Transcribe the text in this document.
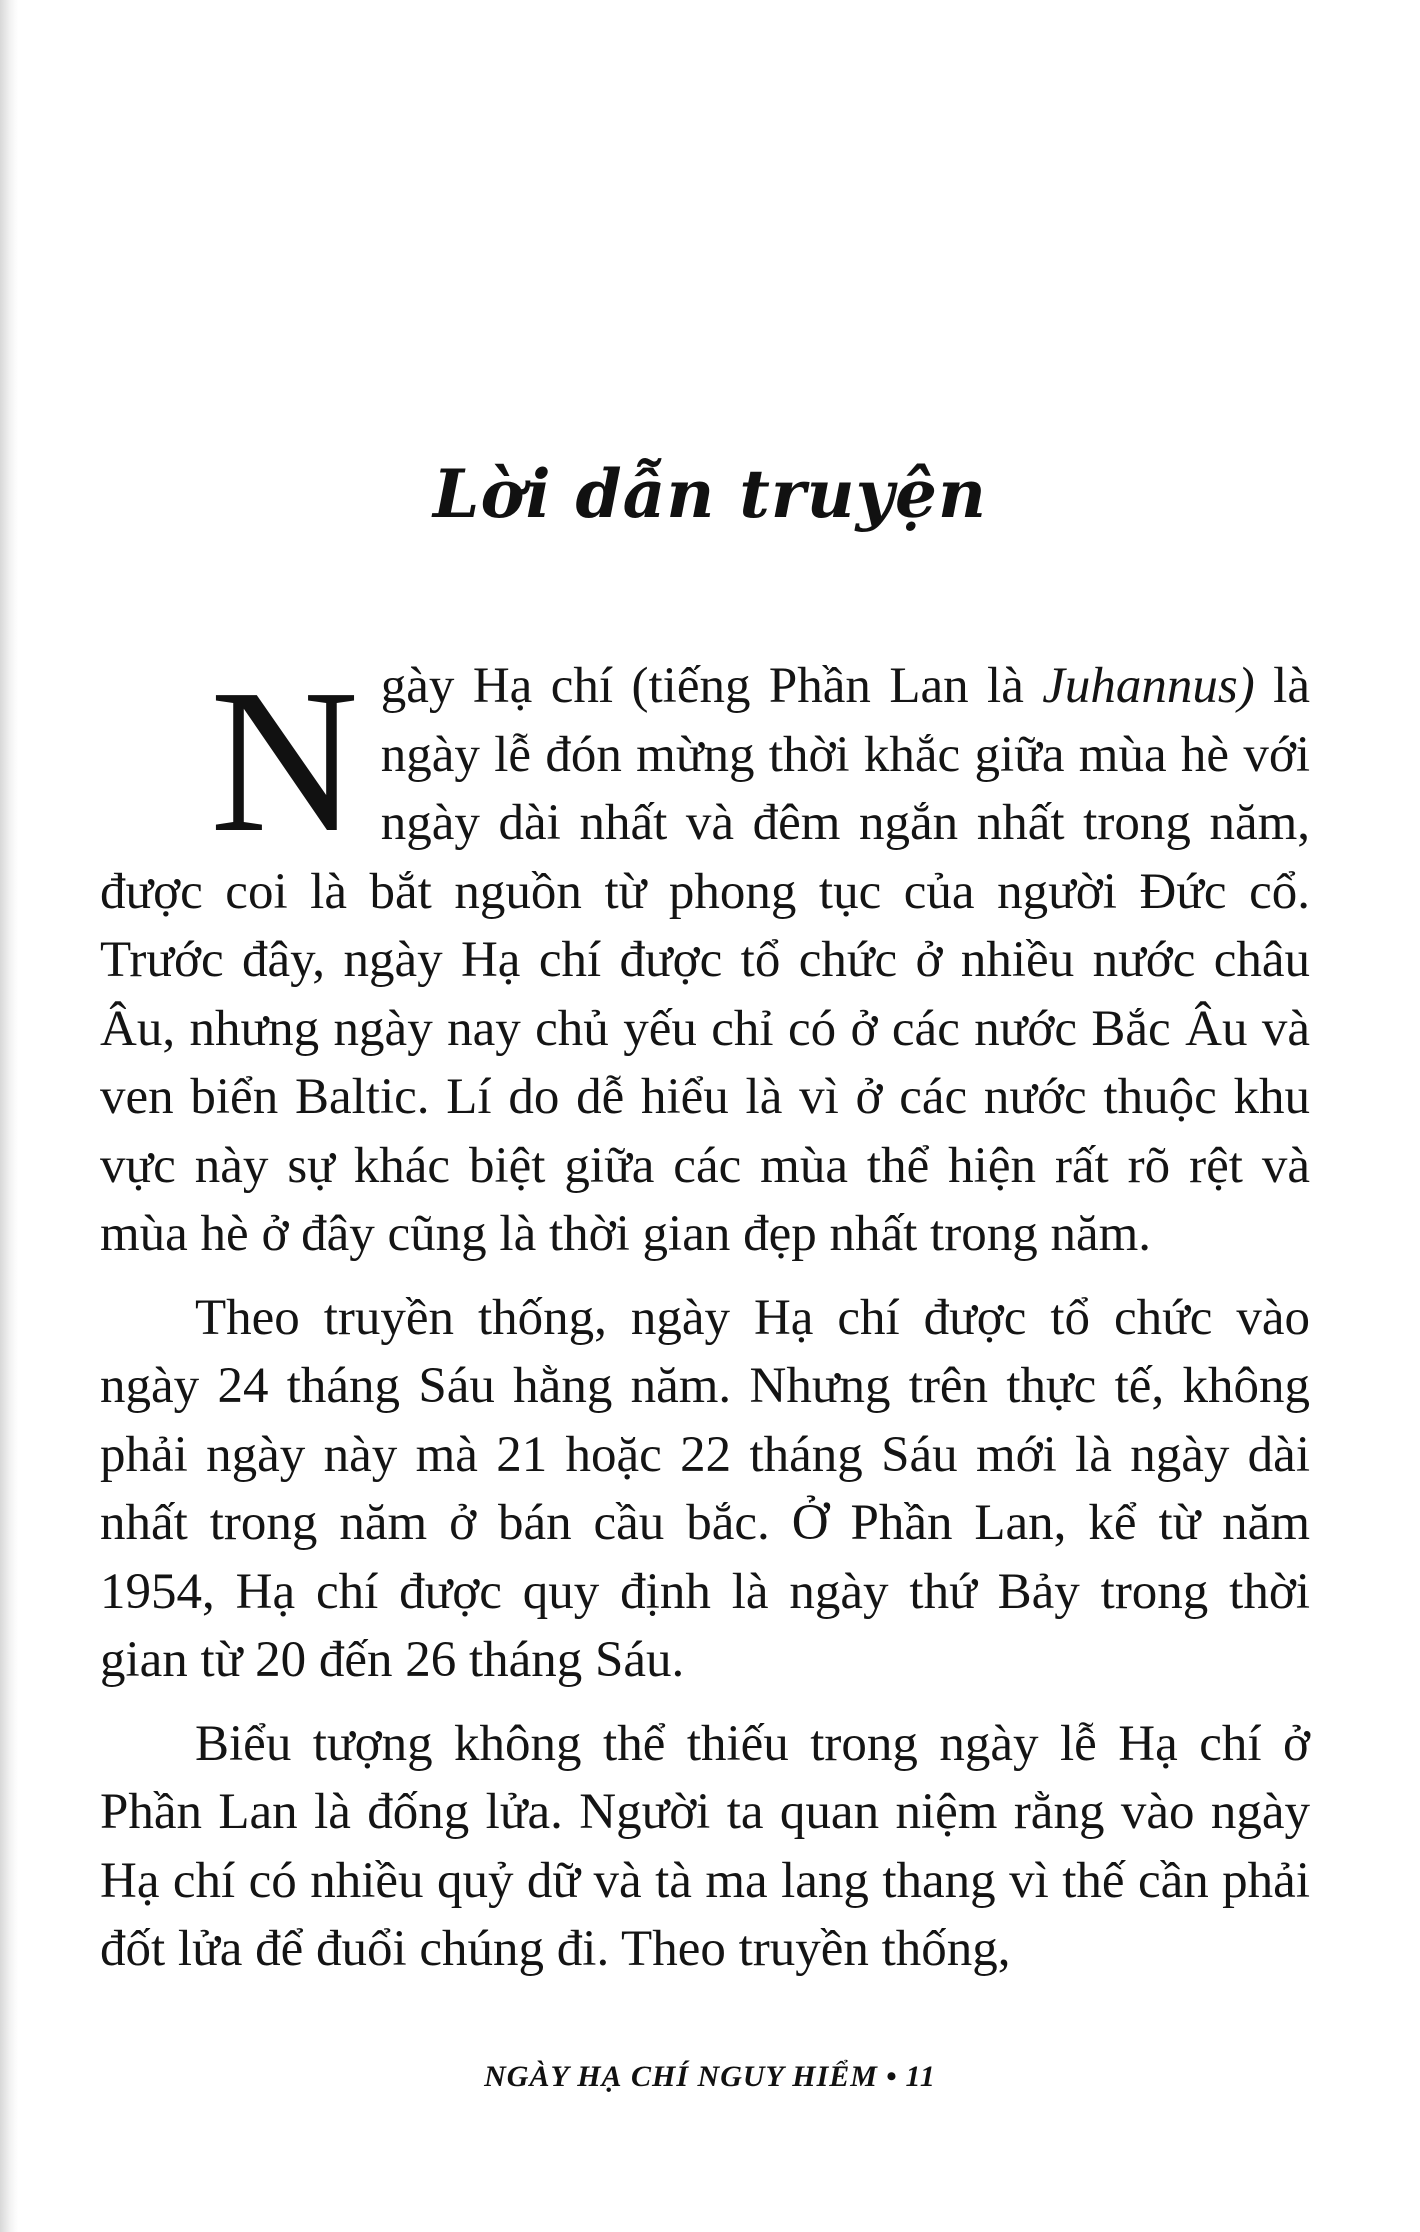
Lời dẫn truyện

Ngày Hạ chí (tiếng Phần Lan là Juhannus) là ngày lễ đón mừng thời khắc giữa mùa hè với ngày dài nhất và đêm ngắn nhất trong năm, được coi là bắt nguồn từ phong tục của người Đức cổ. Trước đây, ngày Hạ chí được tổ chức ở nhiều nước châu Âu, nhưng ngày nay chủ yếu chỉ có ở các nước Bắc Âu và ven biển Baltic. Lí do dễ hiểu là vì ở các nước thuộc khu vực này sự khác biệt giữa các mùa thể hiện rất rõ rệt và mùa hè ở đây cũng là thời gian đẹp nhất trong năm.

Theo truyền thống, ngày Hạ chí được tổ chức vào ngày 24 tháng Sáu hằng năm. Nhưng trên thực tế, không phải ngày này mà 21 hoặc 22 tháng Sáu mới là ngày dài nhất trong năm ở bán cầu bắc. Ở Phần Lan, kể từ năm 1954, Hạ chí được quy định là ngày thứ Bảy trong thời gian từ 20 đến 26 tháng Sáu.

Biểu tượng không thể thiếu trong ngày lễ Hạ chí ở Phần Lan là đống lửa. Người ta quan niệm rằng vào ngày Hạ chí có nhiều quỷ dữ và tà ma lang thang vì thế cần phải đốt lửa để đuổi chúng đi. Theo truyền thống,

NGÀY HẠ CHÍ NGUY HIỂM • 11
